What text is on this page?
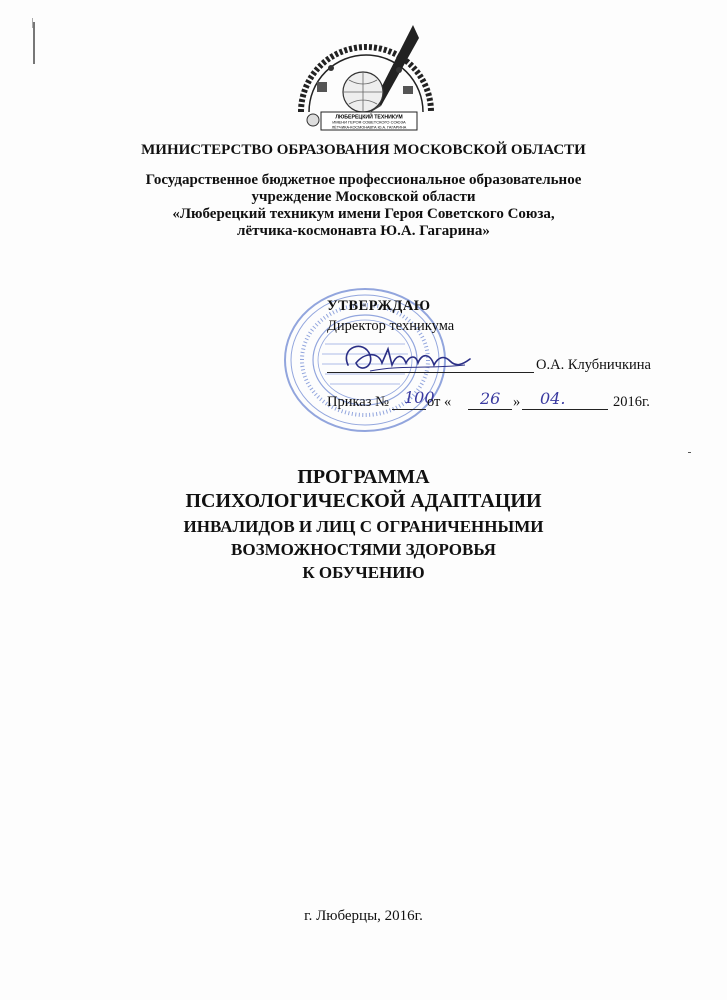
ЛЮБЕРЕЦКИЙ ТЕХНИКУМ
ИМЕНИ ГЕРОЯ СОВЕТСКОГО СОЮЗА
ЛЁТЧИКА-КОСМОНАВТА Ю.А. ГАГАРИНА
МИНИСТЕРСТВО ОБРАЗОВАНИЯ МОСКОВСКОЙ ОБЛАСТИ
Государственное бюджетное профессиональное образовательное
учреждение Московской области
«Люберецкий техникум имени Героя Советского Союза,
лётчика-космонавта Ю.А. Гагарина»
УТВЕРЖДАЮ
Директор техникума
О.А. Клубничкина
Приказ № 100
от « 26 » 04.	2016г.
ПРОГРАММА
ПСИХОЛОГИЧЕСКОЙ АДАПТАЦИИ
ИНВАЛИДОВ И ЛИЦ С ОГРАНИЧЕННЫМИ
ВОЗМОЖНОСТЯМИ ЗДОРОВЬЯ
К ОБУЧЕНИЮ
г. Люберцы, 2016г.
